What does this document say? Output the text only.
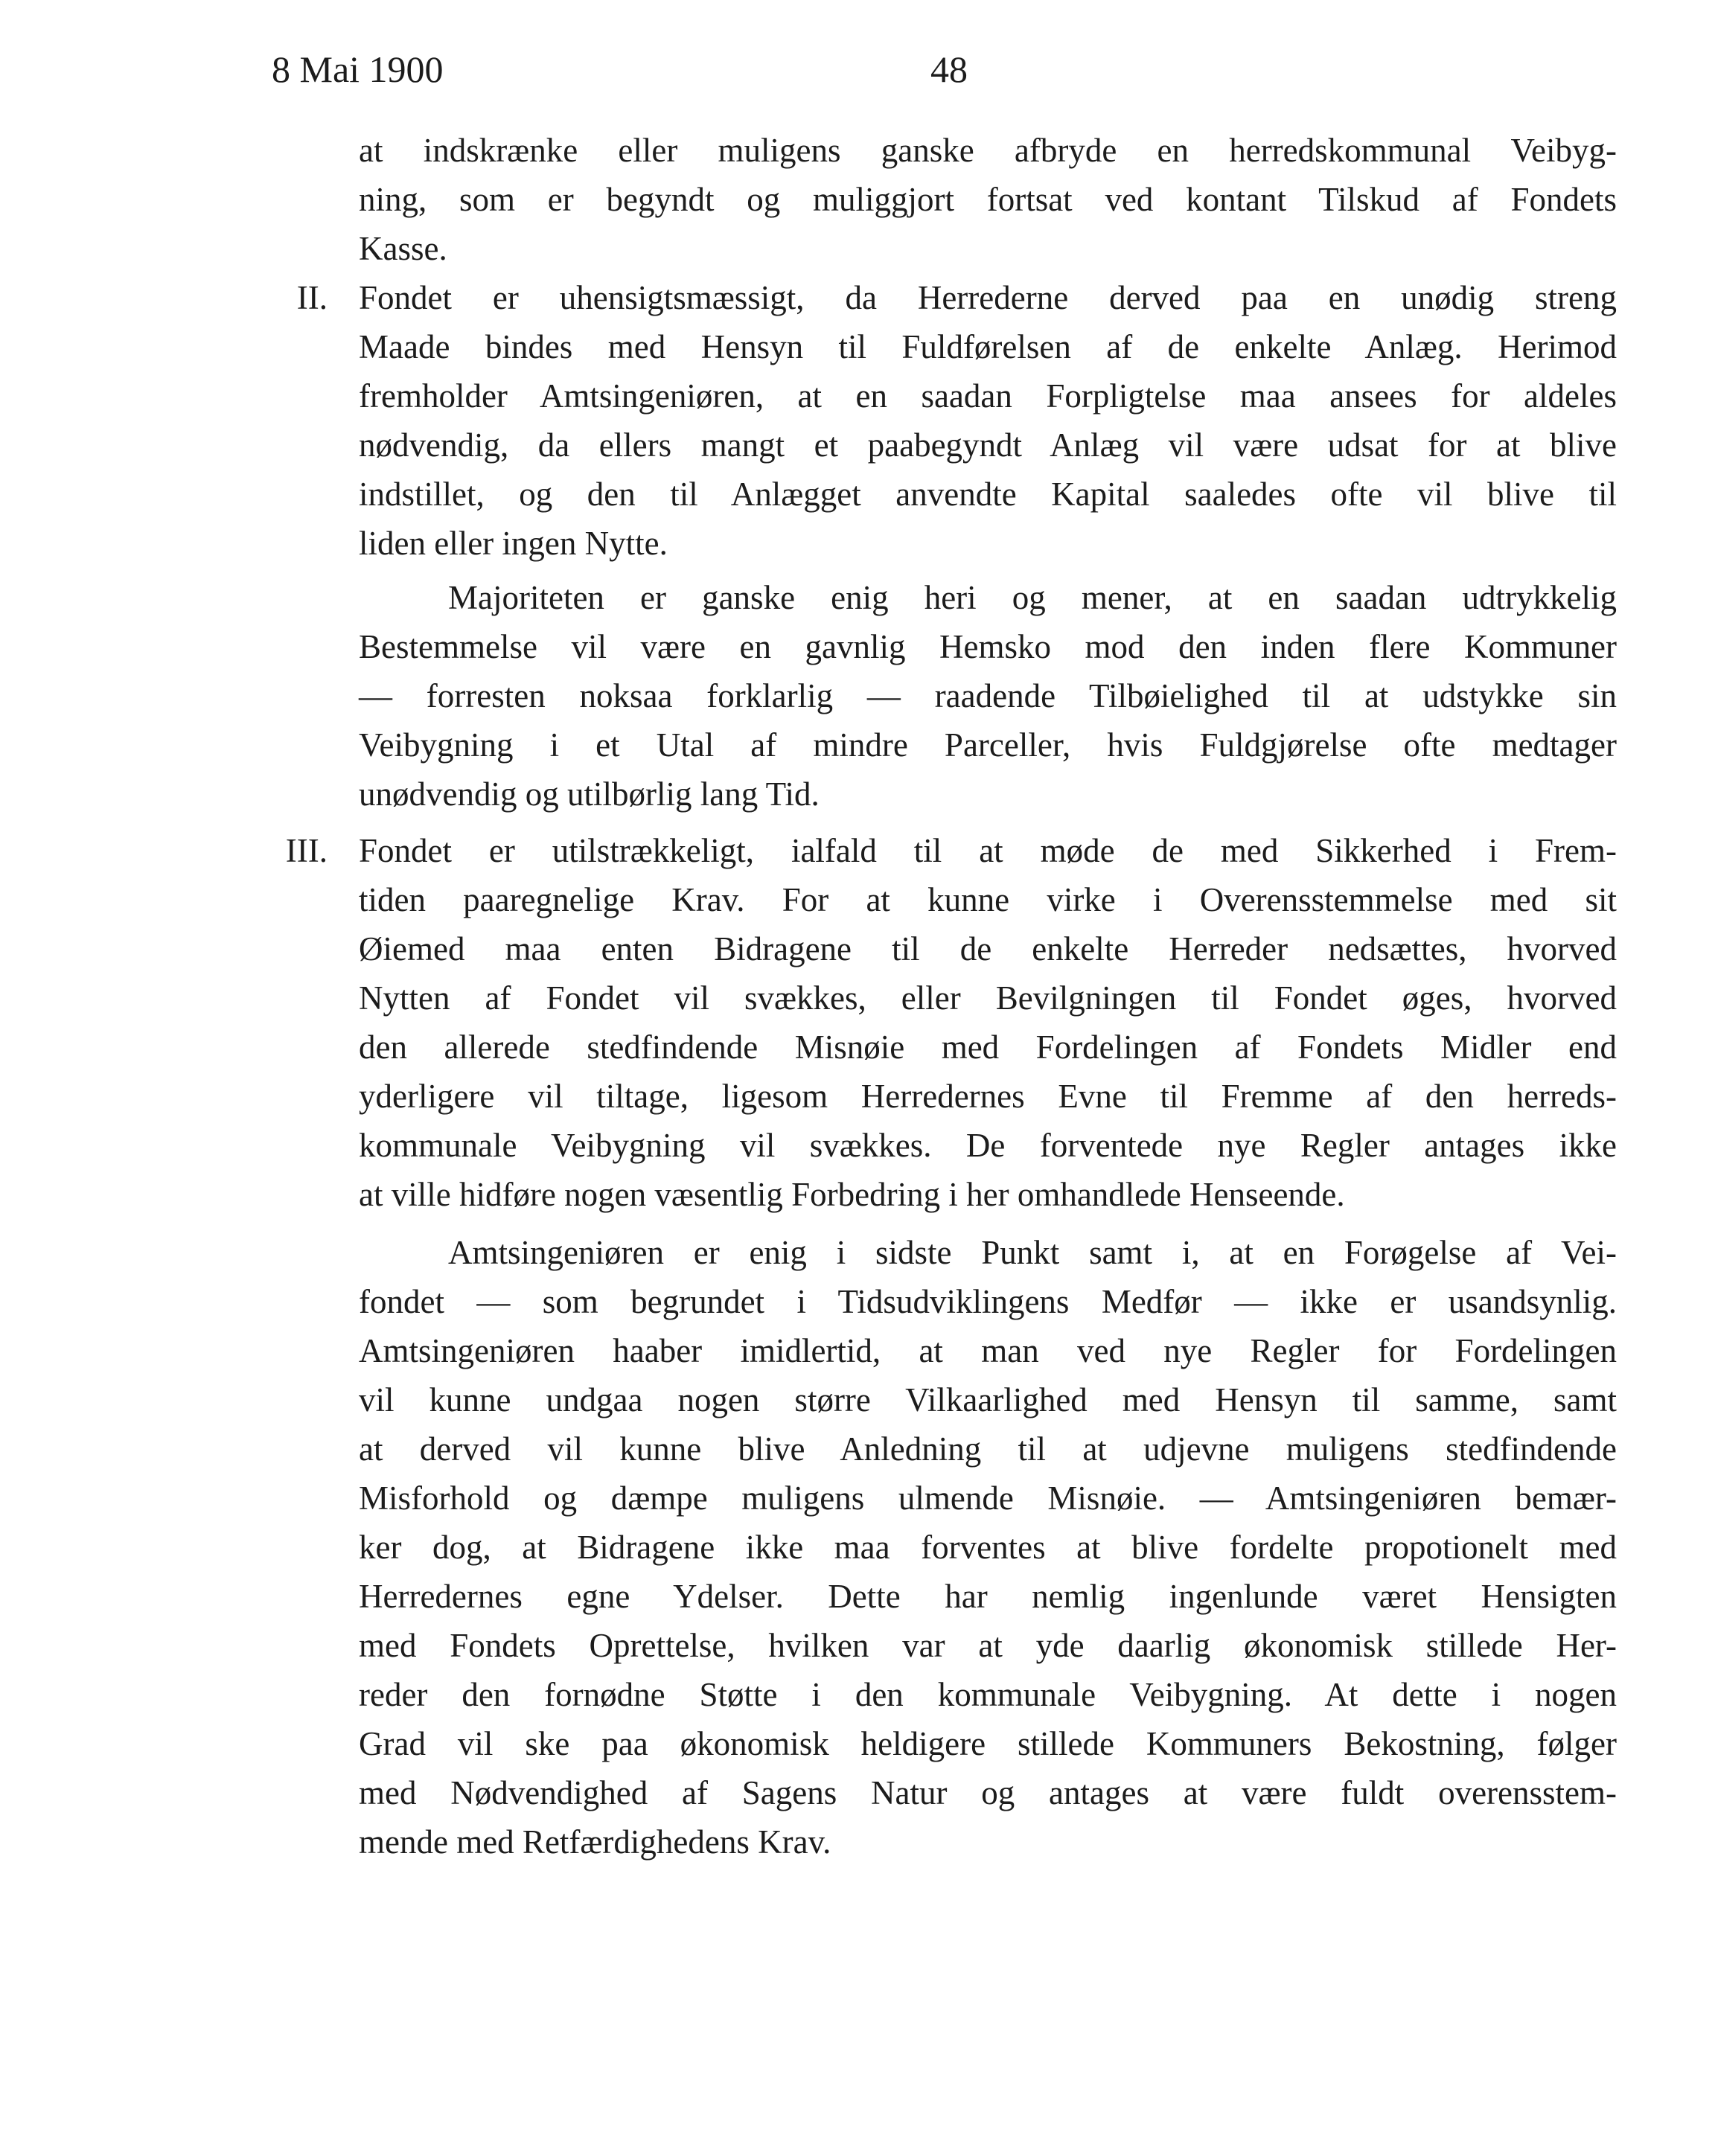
8 Mai 1900	48
at indskrænke eller muligens ganske afbryde en herredskommunal Veibyg-
ning, som er begyndt og muliggjort fortsat ved kontant Tilskud af Fondets
Kasse.
II. Fondet er uhensigtsmæssigt, da Herrederne derved paa en unødig streng
Maade bindes med Hensyn til Fuldførelsen af de enkelte Anlæg. Herimod
fremholder Amtsingeniøren, at en saadan Forpligtelse maa ansees for aldeles
nødvendig, da ellers mangt et paabegyndt Anlæg vil være udsat for at blive
indstillet, og den til Anlægget anvendte Kapital saaledes ofte vil blive til
liden eller ingen Nytte.
Majoriteten er ganske enig heri og mener, at en saadan udtrykkelig
Bestemmelse vil være en gavnlig Hemsko mod den inden flere Kommuner
— forresten noksaa forklarlig — raadende Tilbøielighed til at udstykke sin
Veibygning i et Utal af mindre Parceller, hvis Fuldgjørelse ofte medtager
unødvendig og utilbørlig lang Tid.
III. Fondet er utilstrækkeligt, ialfald til at møde de med Sikkerhed i Frem-
tiden paaregnelige Krav. For at kunne virke i Overensstemmelse med sit
Øiemed maa enten Bidragene til de enkelte Herreder nedsættes, hvorved
Nytten af Fondet vil svækkes, eller Bevilgningen til Fondet øges, hvorved
den allerede stedfindende Misnøie med Fordelingen af Fondets Midler end
yderligere vil tiltage, ligesom Herredernes Evne til Fremme af den herreds-
kommunale Veibygning vil svækkes. De forventede nye Regler antages ikke
at ville hidføre nogen væsentlig Forbedring i her omhandlede Henseende.
Amtsingeniøren er enig i sidste Punkt samt i, at en Forøgelse af Vei-
fondet — som begrundet i Tidsudviklingens Medfør — ikke er usandsynlig.
Amtsingeniøren haaber imidlertid, at man ved nye Regler for Fordelingen
vil kunne undgaa nogen større Vilkaarlighed med Hensyn til samme, samt
at derved vil kunne blive Anledning til at udjevne muligens stedfindende
Misforhold og dæmpe muligens ulmende Misnøie. — Amtsingeniøren bemær-
ker dog, at Bidragene ikke maa forventes at blive fordelte propotionelt med
Herredernes egne Ydelser. Dette har nemlig ingenlunde været Hensigten
med Fondets Oprettelse, hvilken var at yde daarlig økonomisk stillede Her-
reder den fornødne Støtte i den kommunale Veibygning. At dette i nogen
Grad vil ske paa økonomisk heldigere stillede Kommuners Bekostning, følger
med Nødvendighed af Sagens Natur og antages at være fuldt overensstem-
mende med Retfærdighedens Krav.
